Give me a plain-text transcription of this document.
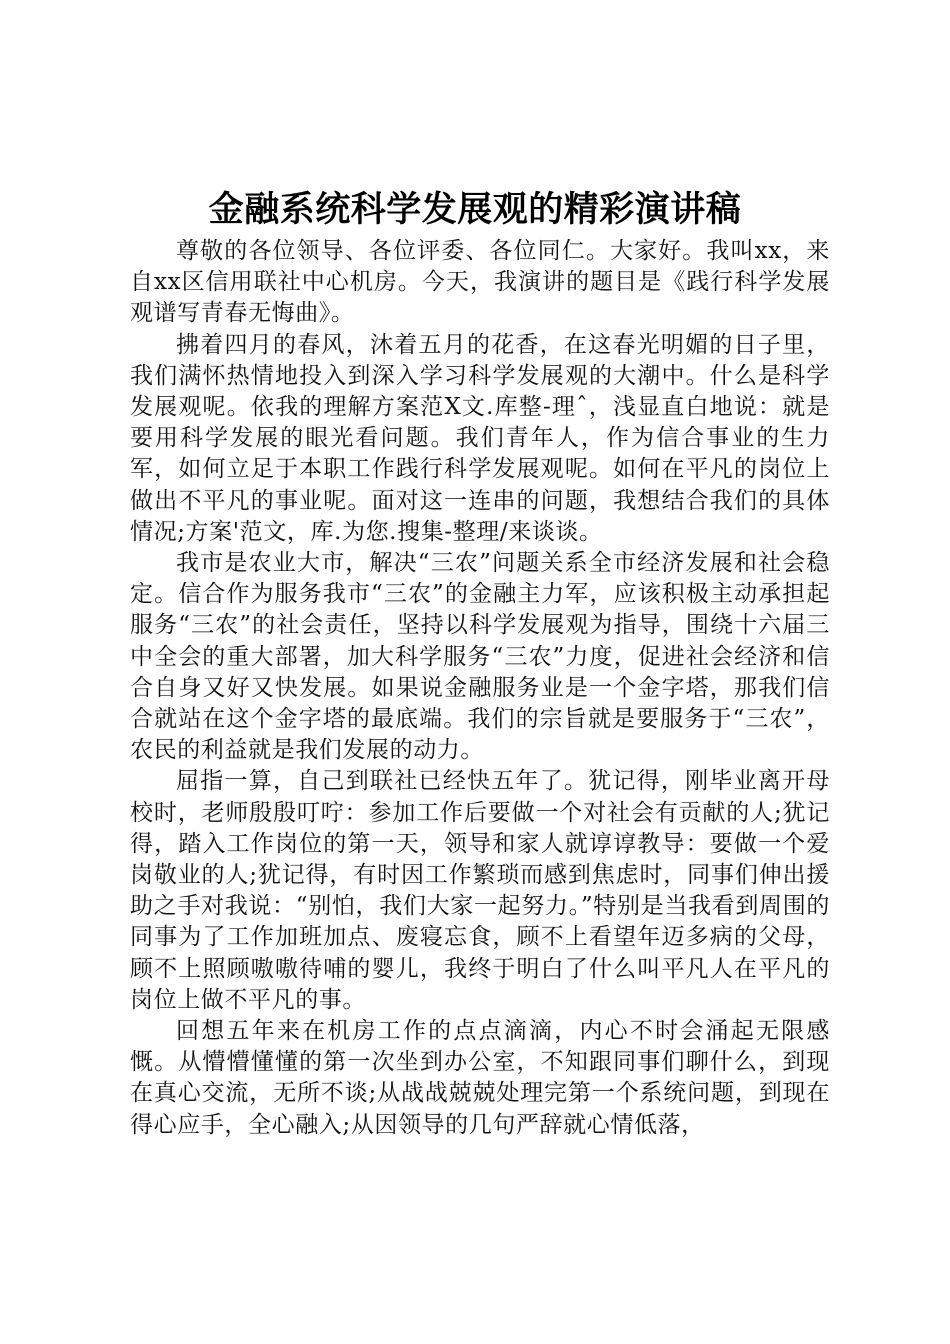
金融系统科学发展观的精彩演讲稿

尊敬的各位领导、各位评委、各位同仁。大家好。我叫xx，来自xx区信用联社中心机房。今天，我演讲的题目是《践行科学发展观谱写青春无悔曲》。

拂着四月的春风，沐着五月的花香，在这春光明媚的日子里，我们满怀热情地投入到深入学习科学发展观的大潮中。什么是科学发展观呢。依我的理解方案范X文.库整-理ˆ，浅显直白地说：就是要用科学发展的眼光看问题。我们青年人，作为信合事业的生力军，如何立足于本职工作践行科学发展观呢。如何在平凡的岗位上做出不平凡的事业呢。面对这一连串的问题，我想结合我们的具体情况;方案'范文，库.为您.搜集-整理/来谈谈。

我市是农业大市，解决“三农”问题关系全市经济发展和社会稳定。信合作为服务我市“三农”的金融主力军，应该积极主动承担起服务“三农”的社会责任，坚持以科学发展观为指导，围绕十六届三中全会的重大部署，加大科学服务“三农”力度，促进社会经济和信合自身又好又快发展。如果说金融服务业是一个金字塔，那我们信合就站在这个金字塔的最底端。我们的宗旨就是要服务于“三农”，农民的利益就是我们发展的动力。

屈指一算，自己到联社已经快五年了。犹记得，刚毕业离开母校时，老师殷殷叮咛：参加工作后要做一个对社会有贡献的人;犹记得，踏入工作岗位的第一天，领导和家人就谆谆教导：要做一个爱岗敬业的人;犹记得，有时因工作繁琐而感到焦虑时，同事们伸出援助之手对我说：“别怕，我们大家一起努力。”特别是当我看到周围的同事为了工作加班加点、废寝忘食，顾不上看望年迈多病的父母，顾不上照顾嗷嗷待哺的婴儿，我终于明白了什么叫平凡人在平凡的岗位上做不平凡的事。

回想五年来在机房工作的点点滴滴，内心不时会涌起无限感慨。从懵懵懂懂的第一次坐到办公室，不知跟同事们聊什么，到现在真心交流，无所不谈;从战战兢兢处理完第一个系统问题，到现在得心应手，全心融入;从因领导的几句严辞就心情低落，
